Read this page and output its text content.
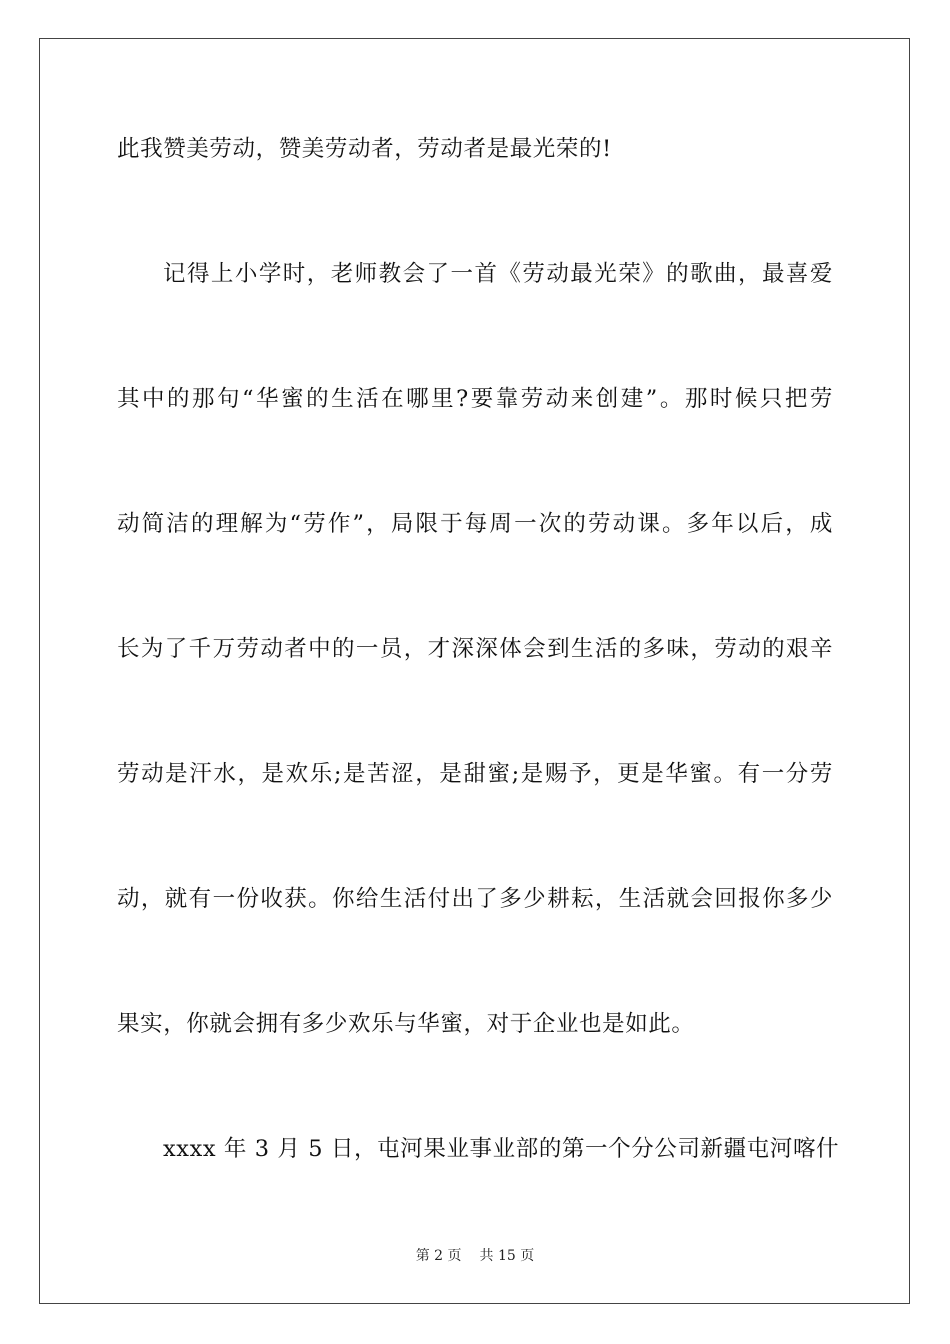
此我赞美劳动，赞美劳动者，劳动者是最光荣的!
记得上小学时，老师教会了一首《劳动最光荣》的歌曲，最喜爱
其中的那句“华蜜的生活在哪里?要靠劳动来创建”。那时候只把劳
动简洁的理解为“劳作”，局限于每周一次的劳动课。多年以后，成
长为了千万劳动者中的一员，才深深体会到生活的多味，劳动的艰辛
劳动是汗水，是欢乐;是苦涩，是甜蜜;是赐予，更是华蜜。有一分劳
动，就有一份收获。你给生活付出了多少耕耘，生活就会回报你多少
果实，你就会拥有多少欢乐与华蜜，对于企业也是如此。
xxxx 年 3 月 5 日，屯河果业事业部的第一个分公司新疆屯河喀什
第 2 页 共 15 页
